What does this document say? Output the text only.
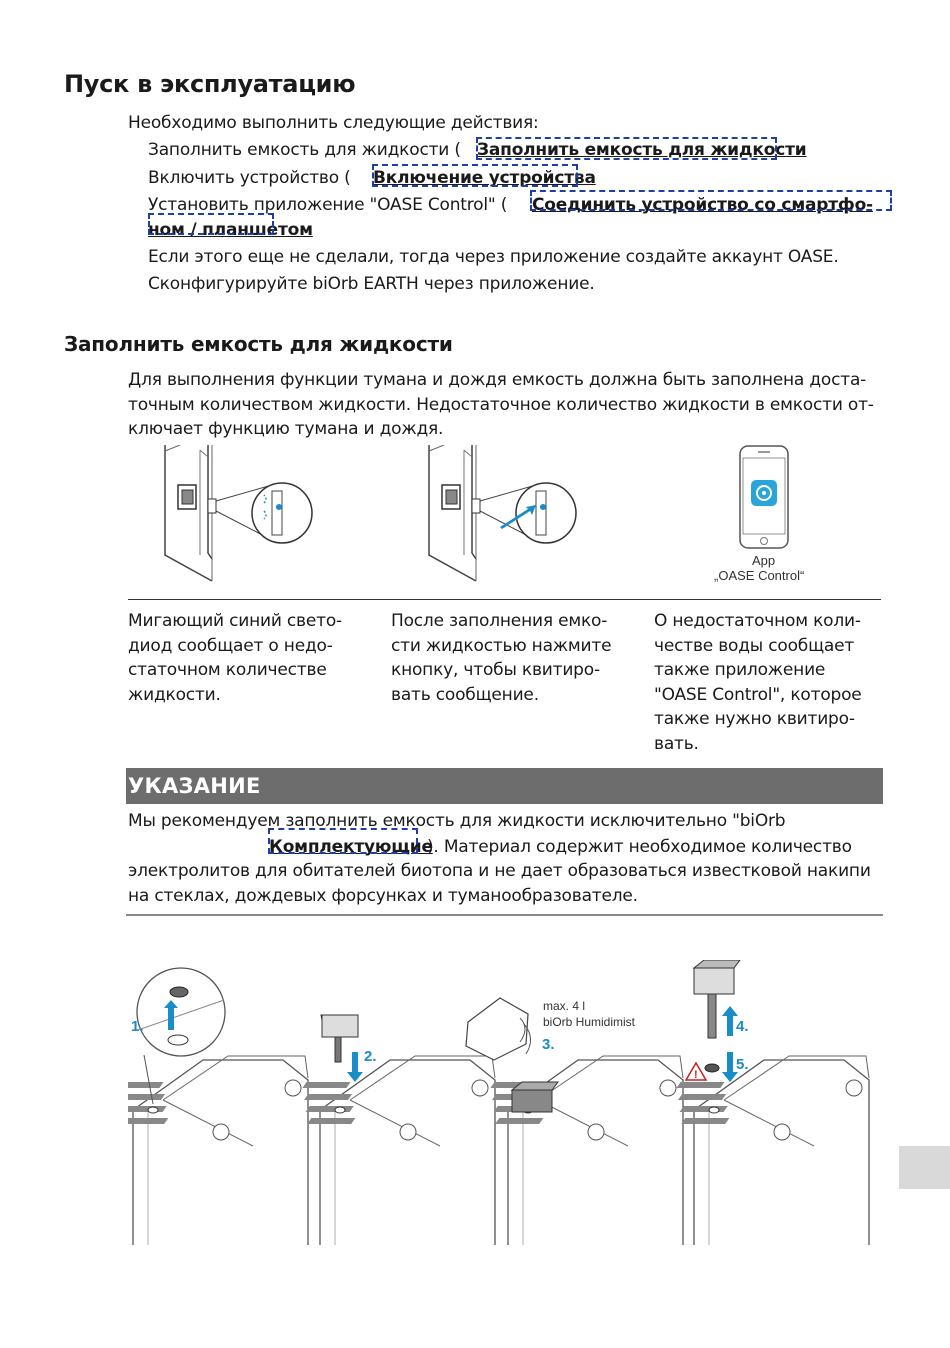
Пуск в эксплуатацию
Необходимо выполнить следующие действия:
Заполнить емкость для жидкости ( Заполнить емкость для жидкости
Включить устройство ( Включение устройства
Установить приложение "OASE Control" ( Соединить устройство со смартфо-
ном / планшетом
Если этого еще не сделали, тогда через приложение создайте аккаунт OASE.
Сконфигурируйте biOrb EARTH через приложение.
Заполнить емкость для жидкости
Для выполнения функции тумана и дождя емкость должна быть заполнена доста-
точным количеством жидкости. Недостаточное количество жидкости в емкости от-
ключает функцию тумана и дождя.
App
„OASE Control“
Мигающий синий свето-
диод сообщает о недо-
статочном количестве
жидкости.
После заполнения емко-
сти жидкостью нажмите
кнопку, чтобы квитиро-
вать сообщение.
О недостаточном коли-
честве воды сообщает
также приложение
"OASE Control", которое
также нужно квитиро-
вать.
УКАЗАНИЕ
Мы рекомендуем заполнить емкость для жидкости исключительно "biOrb
Комплектующие
). Материал содержит необходимое количество
электролитов для обитателей биотопа и не дает образоваться известковой накипи
на стеклах, дождевых форсунках и туманообразователе.
1.
2.
max. 4 l
biOrb Humidimist
3.
4.
5.
!
